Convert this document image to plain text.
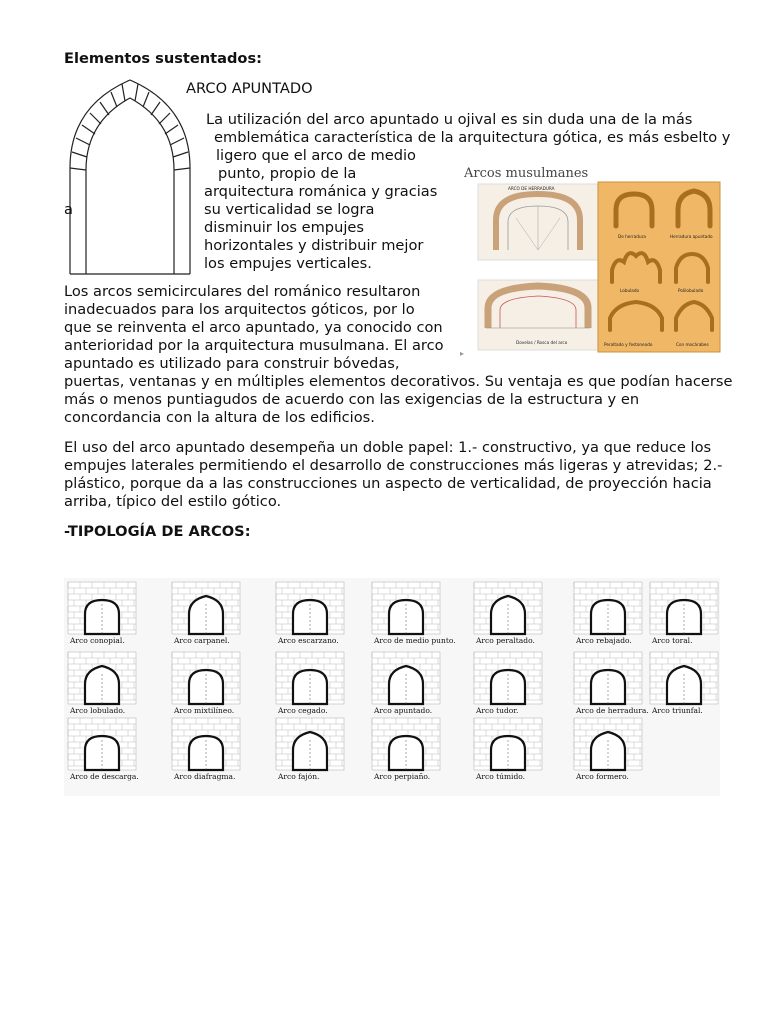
Elementos sustentados:
ARCO APUNTADO
a
La utilización del arco apuntado u ojival es sin duda una de la más
emblemática característica de la arquitectura gótica, es más esbelto y
ligero que el arco de medio
punto, propio de la
arquitectura románica y gracias
su verticalidad se logra
disminuir los empujes
horizontales y distribuir mejor
los empujes verticales.
Arcos musulmanes
ARCO DE HERRADURA
Dovelas / Rosca del arco
▸
De herradura	Herradura apuntado
Lobulado	Polilobulado
Peraltado y festoneado	Con mocárabes
Los arcos semicirculares del románico resultaron
inadecuados para los arquitectos góticos, por lo
que se reinventa el arco apuntado, ya conocido con
anterioridad por la arquitectura musulmana. El arco
apuntado es utilizado para construir bóvedas,
puertas, ventanas y en múltiples elementos decorativos. Su ventaja es que podían hacerse
más o menos puntiagudos de acuerdo con las exigencias de la estructura y en
concordancia con la altura de los edificios.
El uso del arco apuntado desempeña un doble papel: 1.- constructivo, ya que reduce los
empujes laterales permitiendo el desarrollo de construcciones más ligeras y atrevidas; 2.-
plástico, porque da a las construcciones un aspecto de verticalidad, de proyección hacia
arriba, típico del estilo gótico.
-TIPOLOGÍA DE ARCOS:
Arco conopial.	Arco carpanel.	Arco escarzano.	Arco de medio punto.	Arco peraltado.	Arco rebajado.	Arco toral.
Arco lobulado.	Arco mixtilíneo.	Arco cegado.	Arco apuntado.	Arco tudor.	Arco de herradura. Arco triunfal.
Arco de descarga.	Arco diafragma.	Arco fajón.	Arco perpiaño.	Arco túmido.	Arco formero.
